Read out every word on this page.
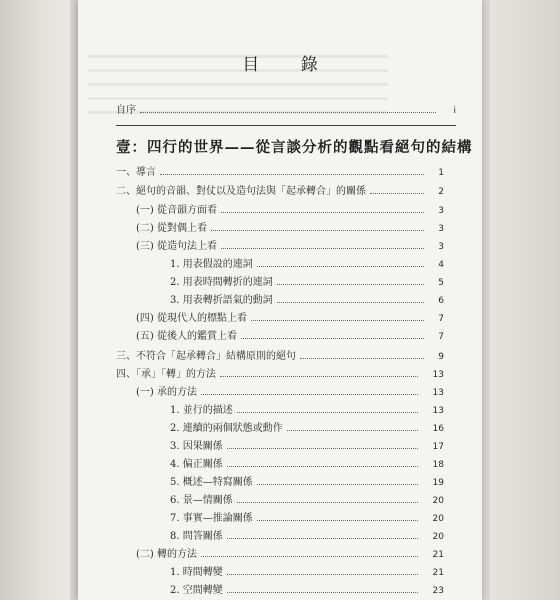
目 錄
自序	i
壹：四行的世界——從言談分析的觀點看絕句的結構
一、導言	1
二、絕句的音韻、對仗以及造句法與「起承轉合」的關係	2
(一) 從音韻方面看	3
(二) 從對偶上看	3
(三) 從造句法上看	3
1. 用表假設的連詞	4
2. 用表時間轉折的連詞	5
3. 用表轉折語氣的動詞	6
(四) 從現代人的標點上看	7
(五) 從後人的鑑賞上看	7
三、不符合「起承轉合」結構原則的絕句	9
四、「承」「轉」的方法	13
(一) 承的方法	13
1. 並行的描述	13
2. 連續的兩個狀態或動作	16
3. 因果關係	17
4. 偏正關係	18
5. 概述—特寫關係	19
6. 景—情關係	20
7. 事實—推論關係	20
8. 問答關係	20
(二) 轉的方法	21
1. 時間轉變	21
2. 空間轉變	23
